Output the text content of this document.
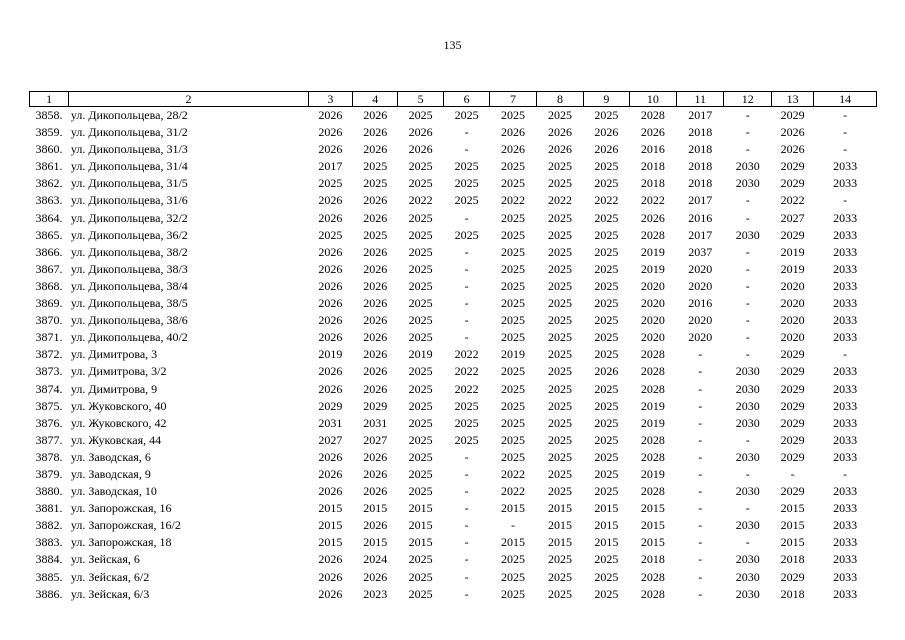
135
1	2	3	4	5	6	7	8	9	10	11	12	13	14
3858.	ул. Дикопольцева, 28/2	2026	2026	2025	2025	2025	2025	2025	2028	2017	-	2029	-
3859.	ул. Дикопольцева, 31/2	2026	2026	2026	-	2026	2026	2026	2026	2018	-	2026	-
3860.	ул. Дикопольцева, 31/3	2026	2026	2026	-	2026	2026	2026	2016	2018	-	2026	-
3861.	ул. Дикопольцева, 31/4	2017	2025	2025	2025	2025	2025	2025	2018	2018	2030	2029	2033
3862.	ул. Дикопольцева, 31/5	2025	2025	2025	2025	2025	2025	2025	2018	2018	2030	2029	2033
3863.	ул. Дикопольцева, 31/6	2026	2026	2022	2025	2022	2022	2022	2022	2017	-	2022	-
3864.	ул. Дикопольцева, 32/2	2026	2026	2025	-	2025	2025	2025	2026	2016	-	2027	2033
3865.	ул. Дикопольцева, 36/2	2025	2025	2025	2025	2025	2025	2025	2028	2017	2030	2029	2033
3866.	ул. Дикопольцева, 38/2	2026	2026	2025	-	2025	2025	2025	2019	2037	-	2019	2033
3867.	ул. Дикопольцева, 38/3	2026	2026	2025	-	2025	2025	2025	2019	2020	-	2019	2033
3868.	ул. Дикопольцева, 38/4	2026	2026	2025	-	2025	2025	2025	2020	2020	-	2020	2033
3869.	ул. Дикопольцева, 38/5	2026	2026	2025	-	2025	2025	2025	2020	2016	-	2020	2033
3870.	ул. Дикопольцева, 38/6	2026	2026	2025	-	2025	2025	2025	2020	2020	-	2020	2033
3871.	ул. Дикопольцева, 40/2	2026	2026	2025	-	2025	2025	2025	2020	2020	-	2020	2033
3872.	ул. Димитрова, 3	2019	2026	2019	2022	2019	2025	2025	2028	-	-	2029	-
3873.	ул. Димитрова, 3/2	2026	2026	2025	2022	2025	2025	2026	2028	-	2030	2029	2033
3874.	ул. Димитрова, 9	2026	2026	2025	2022	2025	2025	2025	2028	-	2030	2029	2033
3875.	ул. Жуковского, 40	2029	2029	2025	2025	2025	2025	2025	2019	-	2030	2029	2033
3876.	ул. Жуковского, 42	2031	2031	2025	2025	2025	2025	2025	2019	-	2030	2029	2033
3877.	ул. Жуковская, 44	2027	2027	2025	2025	2025	2025	2025	2028	-	-	2029	2033
3878.	ул. Заводская, 6	2026	2026	2025	-	2025	2025	2025	2028	-	2030	2029	2033
3879.	ул. Заводская, 9	2026	2026	2025	-	2022	2025	2025	2019	-	-	-	-
3880.	ул. Заводская, 10	2026	2026	2025	-	2022	2025	2025	2028	-	2030	2029	2033
3881.	ул. Запорожская, 16	2015	2015	2015	-	2015	2015	2015	2015	-	-	2015	2033
3882.	ул. Запорожская, 16/2	2015	2026	2015	-	-	2015	2015	2015	-	2030	2015	2033
3883.	ул. Запорожская, 18	2015	2015	2015	-	2015	2015	2015	2015	-	-	2015	2033
3884.	ул. Зейская, 6	2026	2024	2025	-	2025	2025	2025	2018	-	2030	2018	2033
3885.	ул. Зейская, 6/2	2026	2026	2025	-	2025	2025	2025	2028	-	2030	2029	2033
3886.	ул. Зейская, 6/3	2026	2023	2025	-	2025	2025	2025	2028	-	2030	2018	2033
